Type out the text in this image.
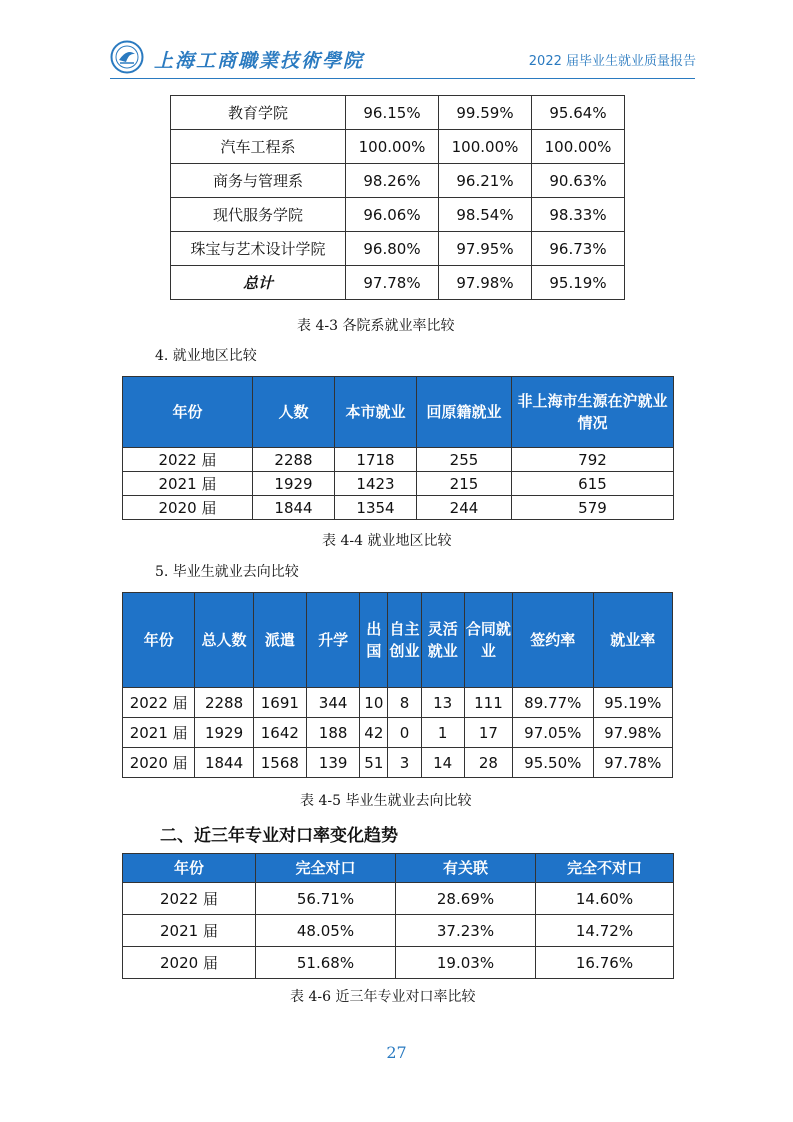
上海工商職業技術學院	2022 届毕业生就业质量报告
教育学院	96.15%	99.59%	95.64%
汽车工程系	100.00%	100.00%	100.00%
商务与管理系	98.26%	96.21%	90.63%
现代服务学院	96.06%	98.54%	98.33%
珠宝与艺术设计学院	96.80%	97.95%	96.73%
总计	97.78%	97.98%	95.19%
表 4-3 各院系就业率比较
4. 就业地区比较
年份	人数	本市就业	回原籍就业	非上海市生源在沪就业情况
2022 届	2288	1718	255	792
2021 届	1929	1423	215	615
2020 届	1844	1354	244	579
表 4-4 就业地区比较
5. 毕业生就业去向比较
年份	总人数	派遣	升学	出国	自主创业	灵活就业	合同就业	签约率	就业率
2022 届	2288	1691	344	10	8	13	111	89.77%	95.19%
2021 届	1929	1642	188	42	0	1	17	97.05%	97.98%
2020 届	1844	1568	139	51	3	14	28	95.50%	97.78%
表 4-5 毕业生就业去向比较
二、近三年专业对口率变化趋势
年份	完全对口	有关联	完全不对口
2022 届	56.71%	28.69%	14.60%
2021 届	48.05%	37.23%	14.72%
2020 届	51.68%	19.03%	16.76%
表 4-6 近三年专业对口率比较
27
